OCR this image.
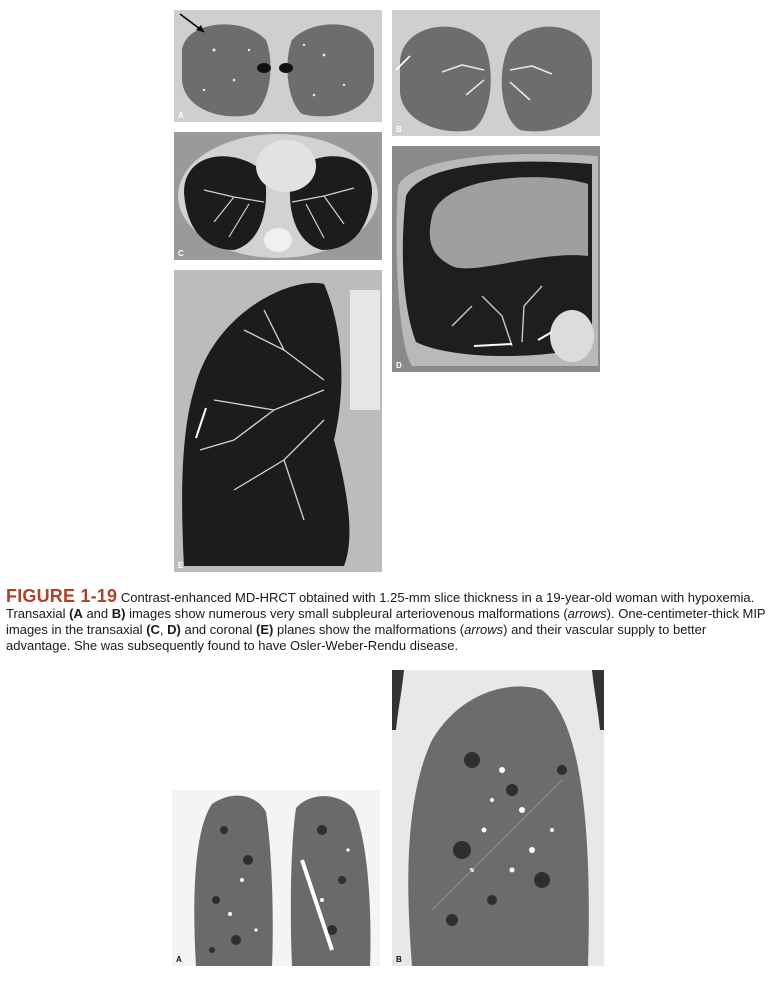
A
B
C
D
E
FIGURE 1-19 Contrast-enhanced MD-HRCT obtained with 1.25-mm slice thickness in a 19-year-old woman with hypoxemia. Transaxial (A and B) images show numerous very small subpleural arteriovenous malformations (arrows). One-centimeter-thick MIP images in the transaxial (C, D) and coronal (E) planes show the malformations (arrows) and their vascular supply to better advantage. She was subsequently found to have Osler-Weber-Rendu disease.
A	B
